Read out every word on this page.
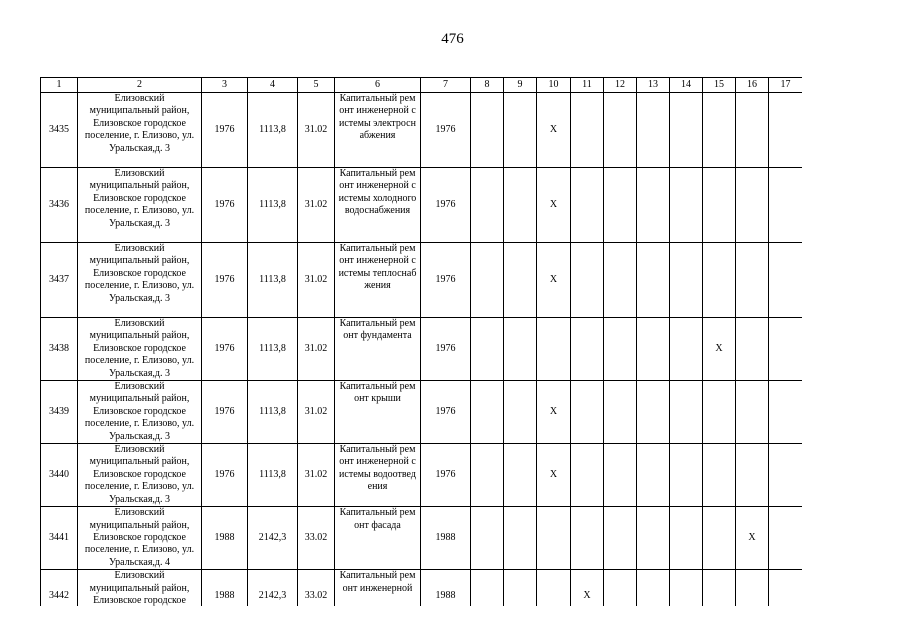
476
1	2	3	4	5	6	7	8	9	10	11	12	13	14	15	16	17
3435	Елизовский муниципальный район, Елизовское городское поселение, г. Елизово, ул. Уральская,д. 3	1976	1113,8	31.02	Капитальный ремонт инженерной системы электроснабжения	1976			X							
3436	Елизовский муниципальный район, Елизовское городское поселение, г. Елизово, ул. Уральская,д. 3	1976	1113,8	31.02	Капитальный ремонт инженерной системы холодного водоснабжения	1976			X							
3437	Елизовский муниципальный район, Елизовское городское поселение, г. Елизово, ул. Уральская,д. 3	1976	1113,8	31.02	Капитальный ремонт инженерной системы теплоснабжения	1976			X							
3438	Елизовский муниципальный район, Елизовское городское поселение, г. Елизово, ул. Уральская,д. 3	1976	1113,8	31.02	Капитальный ремонт фундамента	1976								X		
3439	Елизовский муниципальный район, Елизовское городское поселение, г. Елизово, ул. Уральская,д. 3	1976	1113,8	31.02	Капитальный ремонт крыши	1976			X							
3440	Елизовский муниципальный район, Елизовское городское поселение, г. Елизово, ул. Уральская,д. 3	1976	1113,8	31.02	Капитальный ремонт инженерной системы водоотведения	1976			X							
3441	Елизовский муниципальный район, Елизовское городское поселение, г. Елизово, ул. Уральская,д. 4	1988	2142,3	33.02	Капитальный ремонт фасада	1988									X	
3442	Елизовский муниципальный район, Елизовское городское	1988	2142,3	33.02	Капитальный ремонт инженерной	1988				X						
